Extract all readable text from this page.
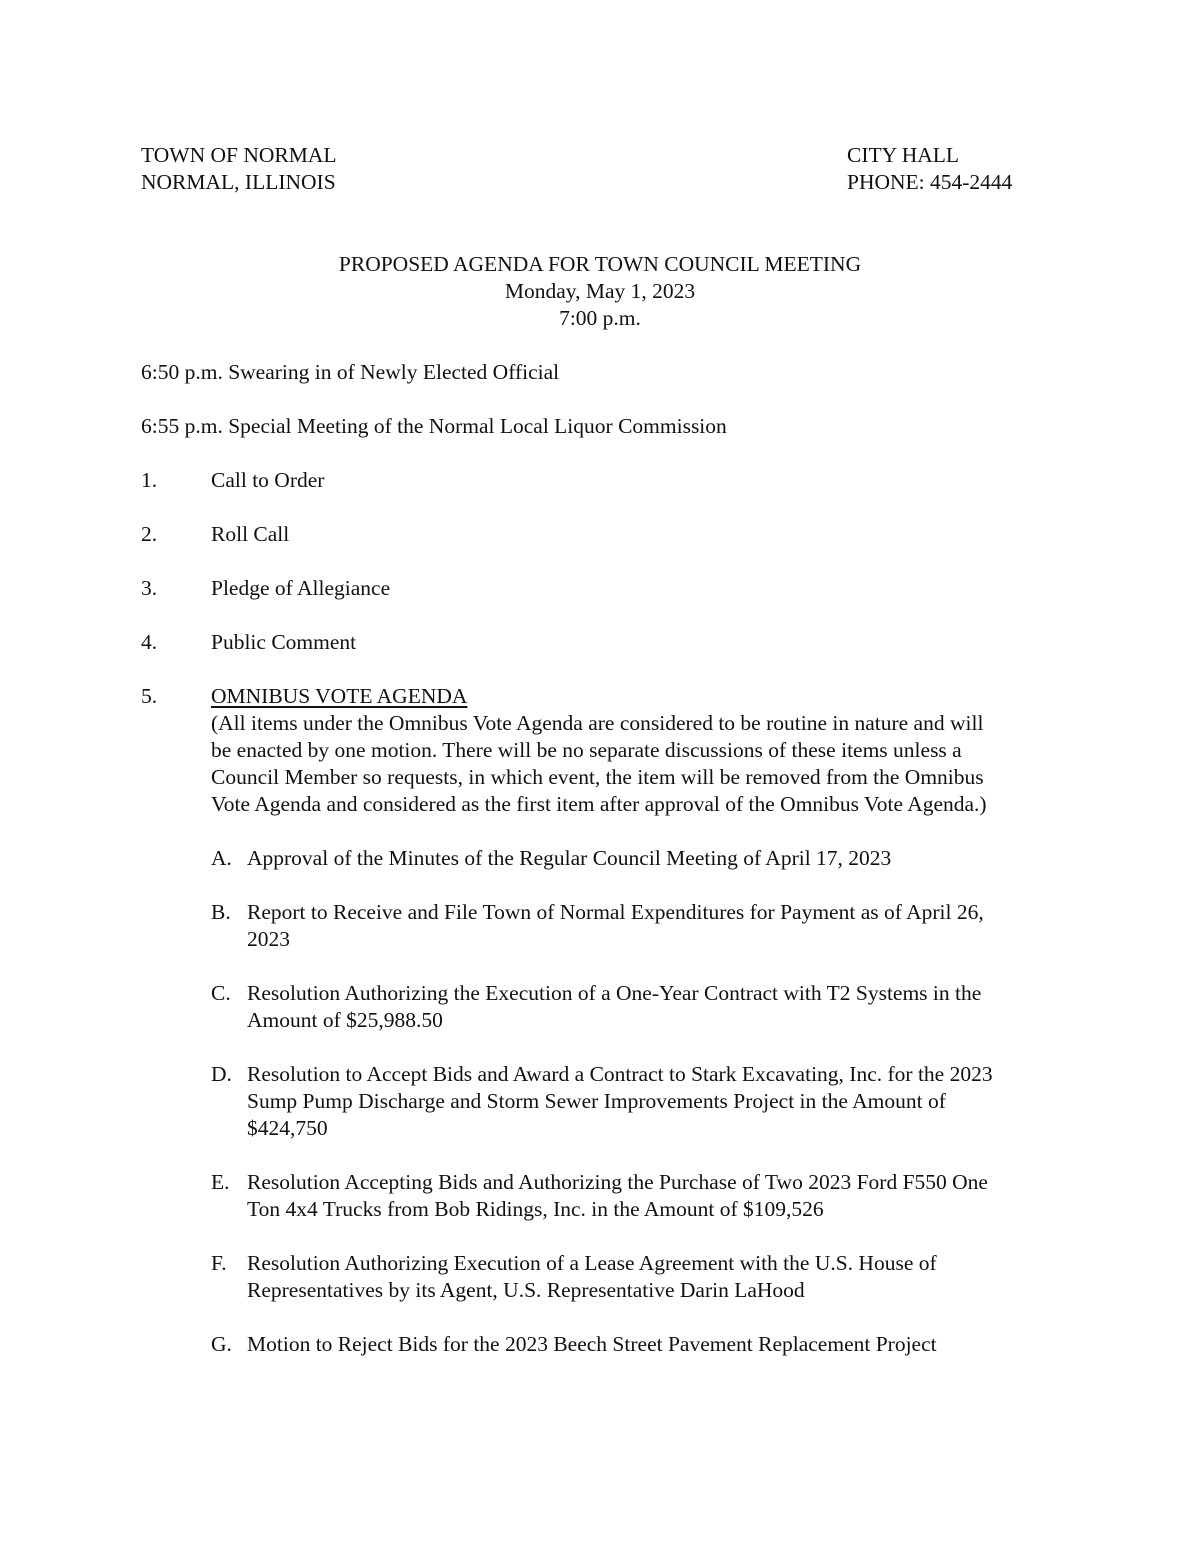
TOWN OF NORMAL
NORMAL, ILLINOIS
CITY HALL
PHONE: 454-2444
PROPOSED AGENDA FOR TOWN COUNCIL MEETING
Monday, May 1, 2023
7:00 p.m.
6:50 p.m. Swearing in of Newly Elected Official
6:55 p.m. Special Meeting of the Normal Local Liquor Commission
1.	Call to Order
2.	Roll Call
3.	Pledge of Allegiance
4.	Public Comment
5.	OMNIBUS VOTE AGENDA
(All items under the Omnibus Vote Agenda are considered to be routine in nature and will
be enacted by one motion. There will be no separate discussions of these items unless a
Council Member so requests, in which event, the item will be removed from the Omnibus
Vote Agenda and considered as the first item after approval of the Omnibus Vote Agenda.)
A. Approval of the Minutes of the Regular Council Meeting of April 17, 2023
B. Report to Receive and File Town of Normal Expenditures for Payment as of April 26,
2023
C. Resolution Authorizing the Execution of a One-Year Contract with T2 Systems in the
Amount of $25,988.50
D. Resolution to Accept Bids and Award a Contract to Stark Excavating, Inc. for the 2023
Sump Pump Discharge and Storm Sewer Improvements Project in the Amount of
$424,750
E. Resolution Accepting Bids and Authorizing the Purchase of Two 2023 Ford F550 One
Ton 4x4 Trucks from Bob Ridings, Inc. in the Amount of $109,526
F. Resolution Authorizing Execution of a Lease Agreement with the U.S. House of
Representatives by its Agent, U.S. Representative Darin LaHood
G. Motion to Reject Bids for the 2023 Beech Street Pavement Replacement Project
